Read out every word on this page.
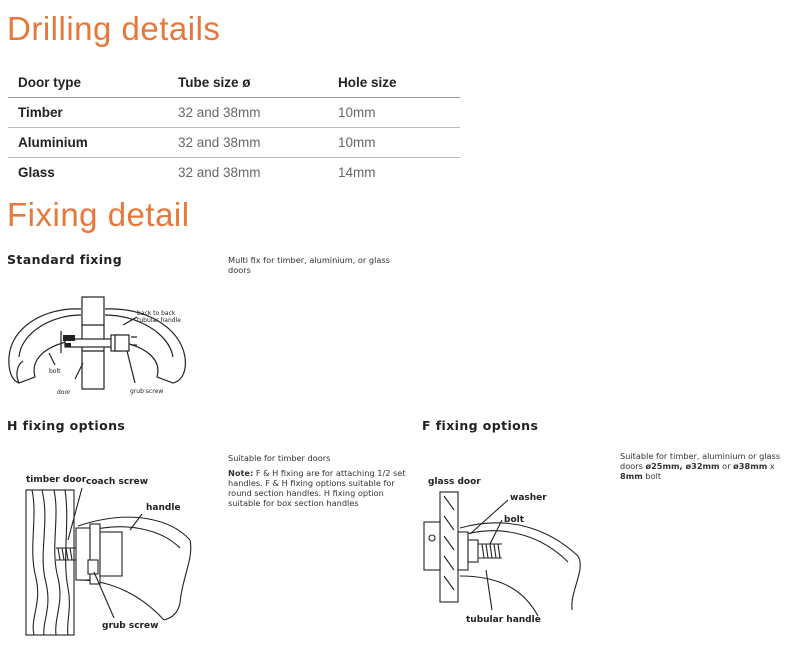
Drilling details
Door type	Tube size ø	Hole size
Timber	32 and 38mm	10mm
Aluminium	32 and 38mm	10mm
Glass	32 and 38mm	14mm
Fixing detail
Standard fixing	Multi fix for timber, aluminium, or glass doors
back to back
tubular handle
bolt
door	grub screw
H fixing options
Suitable for timber doors
Note: F & H fixing are for attaching 1/2 set handles. F & H fixing options suitable for round section handles. H fixing option suitable for box section handles
timber door coach screw
handle
grub screw
F fixing options
Suitable for timber, aluminium or glass doors ø25mm, ø32mm or ø38mm x 8mm bolt
glass door
washer
bolt
tubular handle
